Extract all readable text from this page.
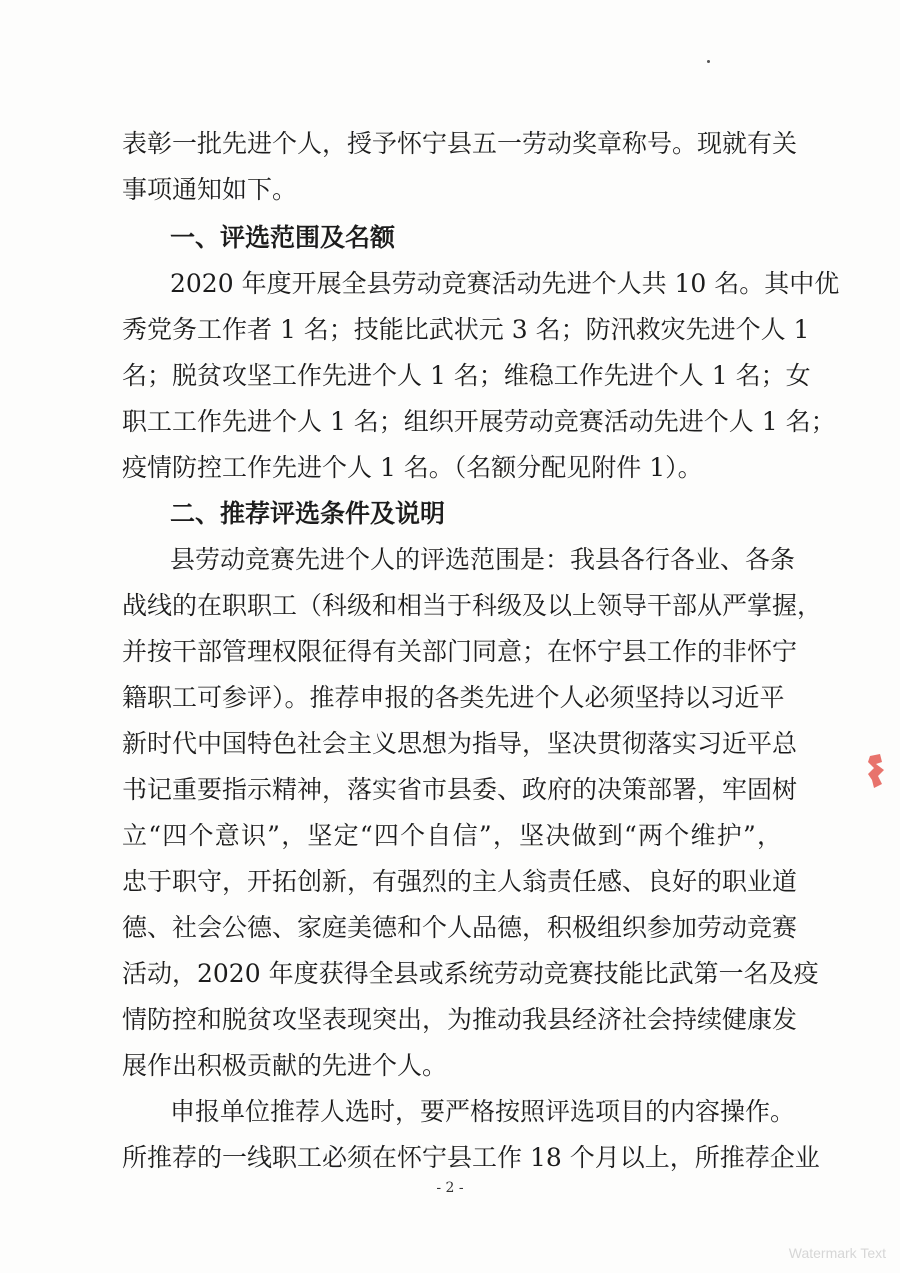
表彰一批先进个人，授予怀宁县五一劳动奖章称号。现就有关
事项通知如下。
一、评选范围及名额
2020 年度开展全县劳动竞赛活动先进个人共 10 名。其中优
秀党务工作者 1 名；技能比武状元 3 名；防汛救灾先进个人 1
名；脱贫攻坚工作先进个人 1 名；维稳工作先进个人 1 名；女
职工工作先进个人 1 名；组织开展劳动竞赛活动先进个人 1 名；
疫情防控工作先进个人 1 名。（名额分配见附件 1）。
二、推荐评选条件及说明
县劳动竞赛先进个人的评选范围是：我县各行各业、各条
战线的在职职工（科级和相当于科级及以上领导干部从严掌握，
并按干部管理权限征得有关部门同意；在怀宁县工作的非怀宁
籍职工可参评）。推荐申报的各类先进个人必须坚持以习近平
新时代中国特色社会主义思想为指导，坚决贯彻落实习近平总
书记重要指示精神，落实省市县委、政府的决策部署，牢固树
立“四个意识”，坚定“四个自信”，坚决做到“两个维护”，
忠于职守，开拓创新，有强烈的主人翁责任感、良好的职业道
德、社会公德、家庭美德和个人品德，积极组织参加劳动竞赛
活动，2020 年度获得全县或系统劳动竞赛技能比武第一名及疫
情防控和脱贫攻坚表现突出，为推动我县经济社会持续健康发
展作出积极贡献的先进个人。
申报单位推荐人选时，要严格按照评选项目的内容操作。
所推荐的一线职工必须在怀宁县工作 18 个月以上，所推荐企业
- 2 -
Watermark Text
